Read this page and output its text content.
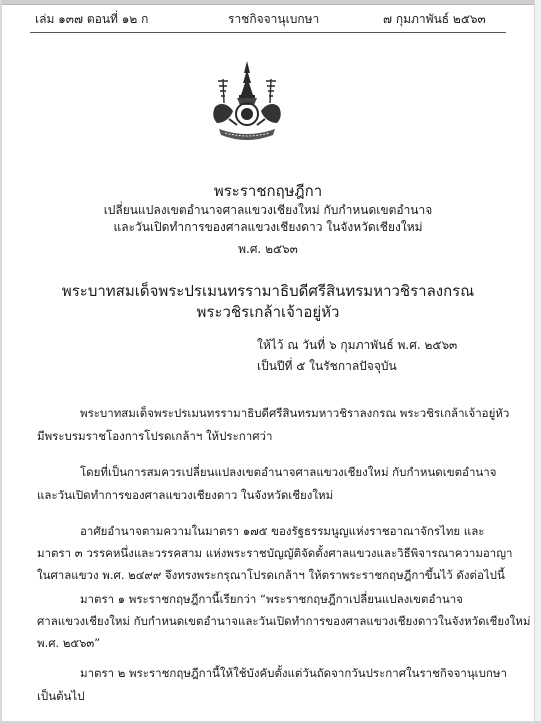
เล่ม ๑๓๗ ตอนที่ ๑๒ ก	ราชกิจจานุเบกษา	๗ กุมภาพันธ์ ๒๕๖๓
พระราชกฤษฎีกา
เปลี่ยนแปลงเขตอำนาจศาลแขวงเชียงใหม่ กับกำหนดเขตอำนาจ
และวันเปิดทำการของศาลแขวงเชียงดาว ในจังหวัดเชียงใหม่
พ.ศ. ๒๕๖๓
พระบาทสมเด็จพระปรเมนทรรามาธิบดีศรีสินทรมหาวชิราลงกรณ
พระวชิรเกล้าเจ้าอยู่หัว
ให้ไว้ ณ วันที่ ๖ กุมภาพันธ์ พ.ศ. ๒๕๖๓
เป็นปีที่ ๕ ในรัชกาลปัจจุบัน
พระบาทสมเด็จพระปรเมนทรรามาธิบดีศรีสินทรมหาวชิราลงกรณ พระวชิรเกล้าเจ้าอยู่หัว
มีพระบรมราชโองการโปรดเกล้าฯ ให้ประกาศว่า
โดยที่เป็นการสมควรเปลี่ยนแปลงเขตอำนาจศาลแขวงเชียงใหม่ กับกำหนดเขตอำนาจ
และวันเปิดทำการของศาลแขวงเชียงดาว ในจังหวัดเชียงใหม่
อาศัยอำนาจตามความในมาตรา ๑๗๕ ของรัฐธรรมนูญแห่งราชอาณาจักรไทย และ
มาตรา ๓ วรรคหนึ่งและวรรคสาม แห่งพระราชบัญญัติจัดตั้งศาลแขวงและวิธีพิจารณาความอาญา
ในศาลแขวง พ.ศ. ๒๔๙๙ จึงทรงพระกรุณาโปรดเกล้าฯ ให้ตราพระราชกฤษฎีกาขึ้นไว้ ดังต่อไปนี้
มาตรา ๑ พระราชกฤษฎีกานี้เรียกว่า “พระราชกฤษฎีกาเปลี่ยนแปลงเขตอำนาจ
ศาลแขวงเชียงใหม่ กับกำหนดเขตอำนาจและวันเปิดทำการของศาลแขวงเชียงดาวในจังหวัดเชียงใหม่
พ.ศ. ๒๕๖๓”
มาตรา ๒ พระราชกฤษฎีกานี้ให้ใช้บังคับตั้งแต่วันถัดจากวันประกาศในราชกิจจานุเบกษา
เป็นต้นไป
